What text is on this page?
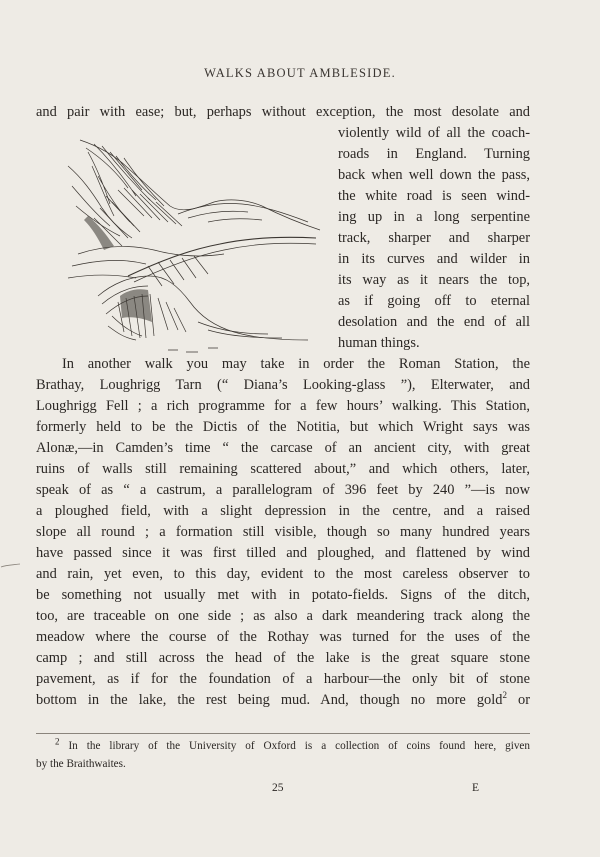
WALKS ABOUT AMBLESIDE.
and pair with ease; but, perhaps without exception, the most desolate and
violently wild of all the coach-
roads in England. Turning
back when well down the pass,
the white road is seen wind-
ing up in a long serpentine
track, sharper and sharper
in its curves and wilder in
its way as it nears the top,
as if going off to eternal
desolation and the end of all
human things.
In another walk you may take in order the Roman Station, the
Brathay, Loughrigg Tarn (“ Diana’s Looking-glass ”), Elterwater, and
Loughrigg Fell ; a rich programme for a few hours’ walking. This Station,
formerly held to be the Dictis of the Notitia, but which Wright says was
Alonæ,—in Camden’s time “ the carcase of an ancient city, with great
ruins of walls still remaining scattered about,” and which others, later,
speak of as “ a castrum, a parallelogram of 396 feet by 240 ”—is now
a ploughed field, with a slight depression in the centre, and a raised
slope all round ; a formation still visible, though so many hundred years
have passed since it was first tilled and ploughed, and flattened by wind
and rain, yet even, to this day, evident to the most careless observer to
be something not usually met with in potato-fields. Signs of the ditch,
too, are traceable on one side ; as also a dark meandering track along the
meadow where the course of the Rothay was turned for the uses of the
camp ; and still across the head of the lake is the great square stone
pavement, as if for the foundation of a harbour—the only bit of stone
bottom in the lake, the rest being mud. And, though no more gold$^2$ or
$^2$ In the library of the University of Oxford is a collection of coins found here, given
by the Braithwaites.
25	E
